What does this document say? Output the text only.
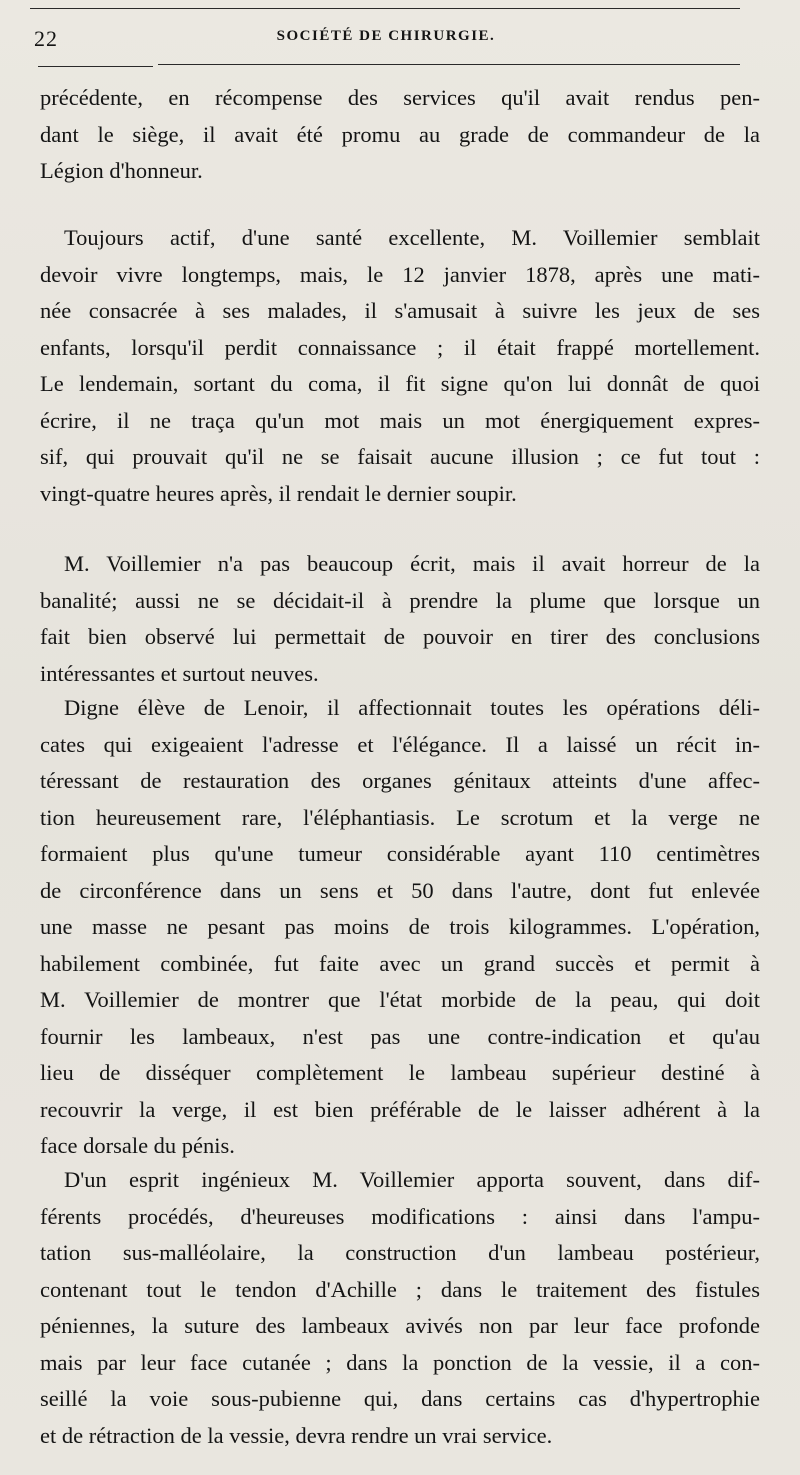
22	SOCIÉTÉ DE CHIRURGIE.
précédente, en récompense des services qu'il avait rendus pen-
dant le siège, il avait été promu au grade de commandeur de la
Légion d'honneur.
Toujours actif, d'une santé excellente, M. Voillemier semblait
devoir vivre longtemps, mais, le 12 janvier 1878, après une mati-
née consacrée à ses malades, il s'amusait à suivre les jeux de ses
enfants, lorsqu'il perdit connaissance ; il était frappé mortellement.
Le lendemain, sortant du coma, il fit signe qu'on lui donnât de quoi
écrire, il ne traça qu'un mot mais un mot énergiquement expres-
sif, qui prouvait qu'il ne se faisait aucune illusion ; ce fut tout :
vingt-quatre heures après, il rendait le dernier soupir.
M. Voillemier n'a pas beaucoup écrit, mais il avait horreur de la
banalité; aussi ne se décidait-il à prendre la plume que lorsque un
fait bien observé lui permettait de pouvoir en tirer des conclusions
intéressantes et surtout neuves.
Digne élève de Lenoir, il affectionnait toutes les opérations déli-
cates qui exigeaient l'adresse et l'élégance. Il a laissé un récit in-
téressant de restauration des organes génitaux atteints d'une affec-
tion heureusement rare, l'éléphantiasis. Le scrotum et la verge ne
formaient plus qu'une tumeur considérable ayant 110 centimètres
de circonférence dans un sens et 50 dans l'autre, dont fut enlevée
une masse ne pesant pas moins de trois kilogrammes. L'opération,
habilement combinée, fut faite avec un grand succès et permit à
M. Voillemier de montrer que l'état morbide de la peau, qui doit
fournir les lambeaux, n'est pas une contre-indication et qu'au
lieu de disséquer complètement le lambeau supérieur destiné à
recouvrir la verge, il est bien préférable de le laisser adhérent à la
face dorsale du pénis.
D'un esprit ingénieux M. Voillemier apporta souvent, dans dif-
férents procédés, d'heureuses modifications : ainsi dans l'ampu-
tation sus-malléolaire, la construction d'un lambeau postérieur,
contenant tout le tendon d'Achille ; dans le traitement des fistules
péniennes, la suture des lambeaux avivés non par leur face profonde
mais par leur face cutanée ; dans la ponction de la vessie, il a con-
seillé la voie sous-pubienne qui, dans certains cas d'hypertrophie
et de rétraction de la vessie, devra rendre un vrai service.
